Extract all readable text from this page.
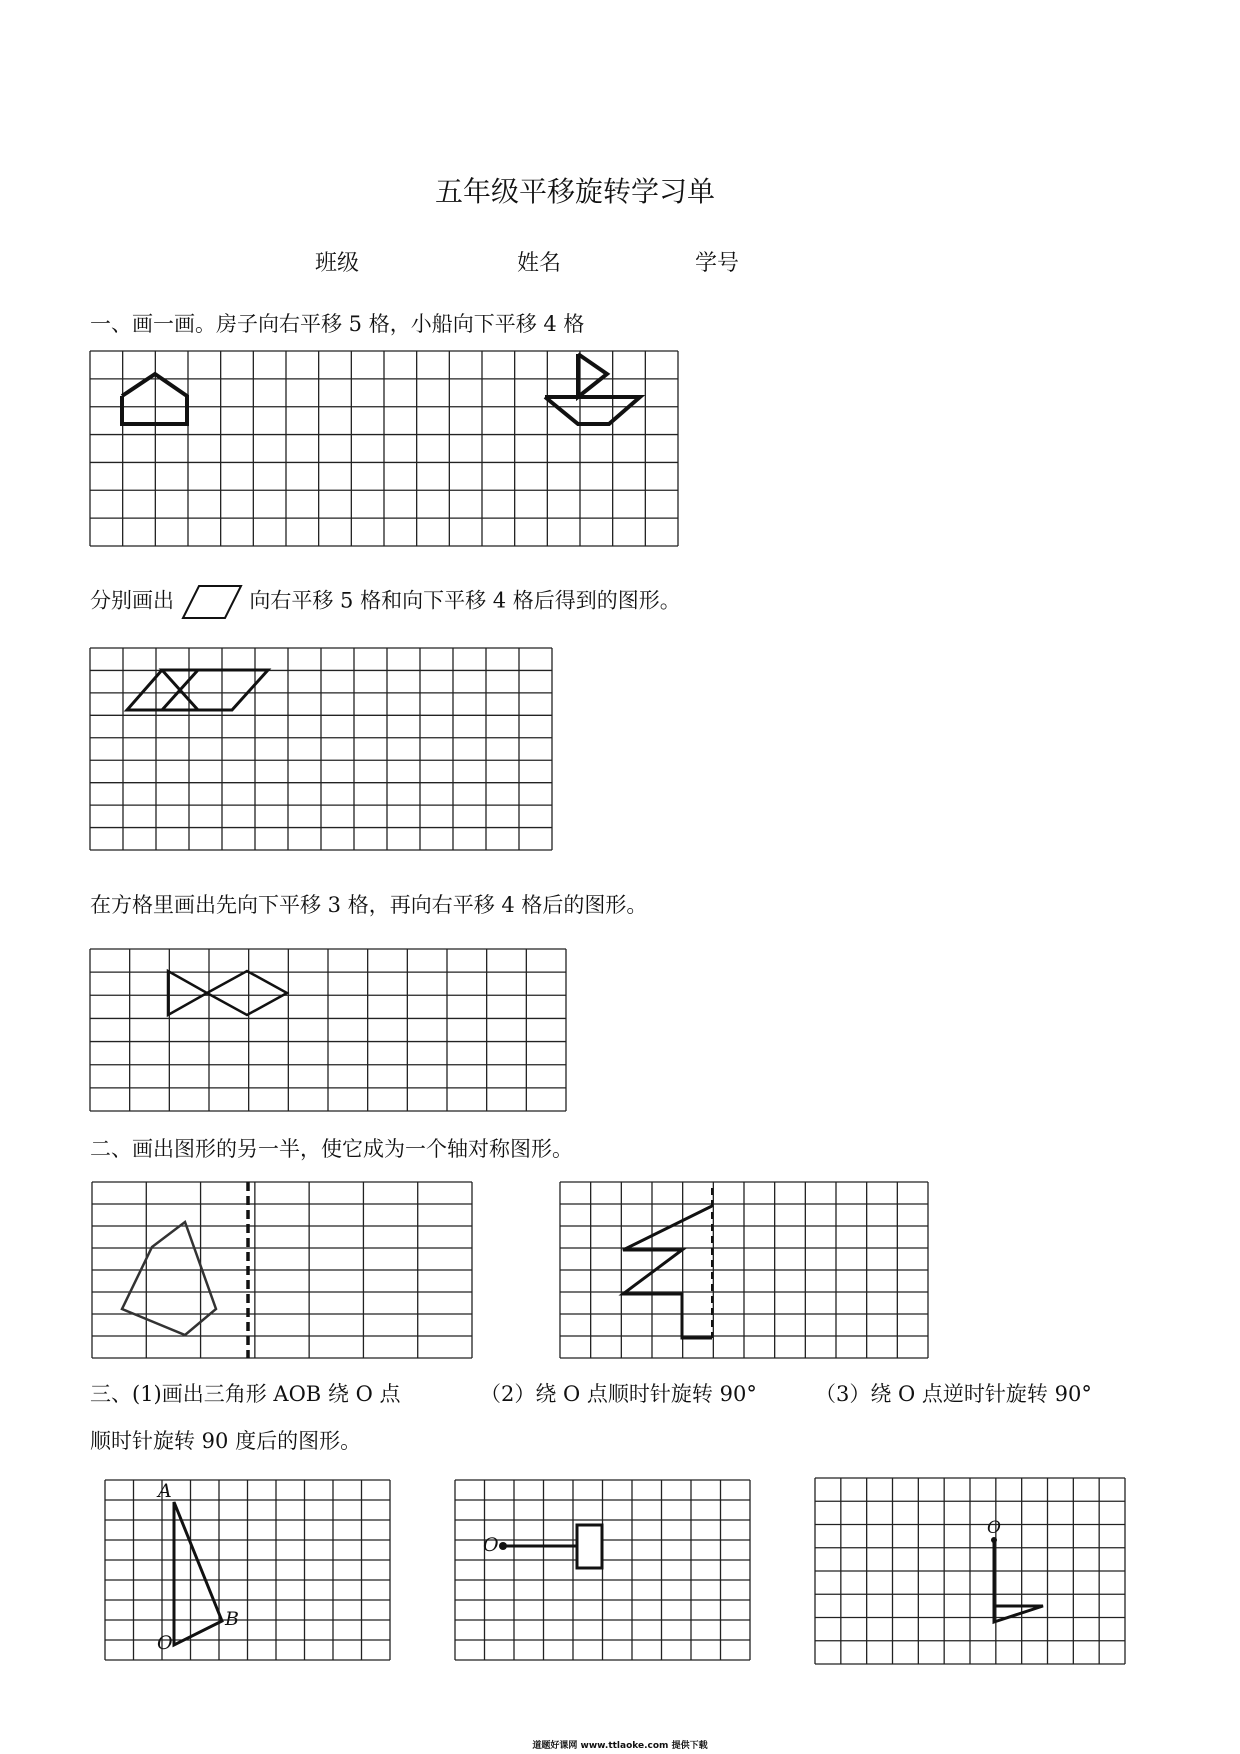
五年级平移旋转学习单
班级	姓名	学号
一、画一画。房子向右平移 5 格，小船向下平移 4 格
分别画出	向右平移 5 格和向下平移 4 格后得到的图形。
在方格里画出先向下平移 3 格，再向右平移 4 格后的图形。
二、画出图形的另一半，使它成为一个轴对称图形。
三、(1)画出三角形 AOB 绕 O 点	（2）绕 O 点顺时针旋转 90°	（3）绕 O 点逆时针旋转 90°
顺时针旋转 90 度后的图形。
A
B
O
O
O
道题好课网 www.ttlaoke.com 提供下载
